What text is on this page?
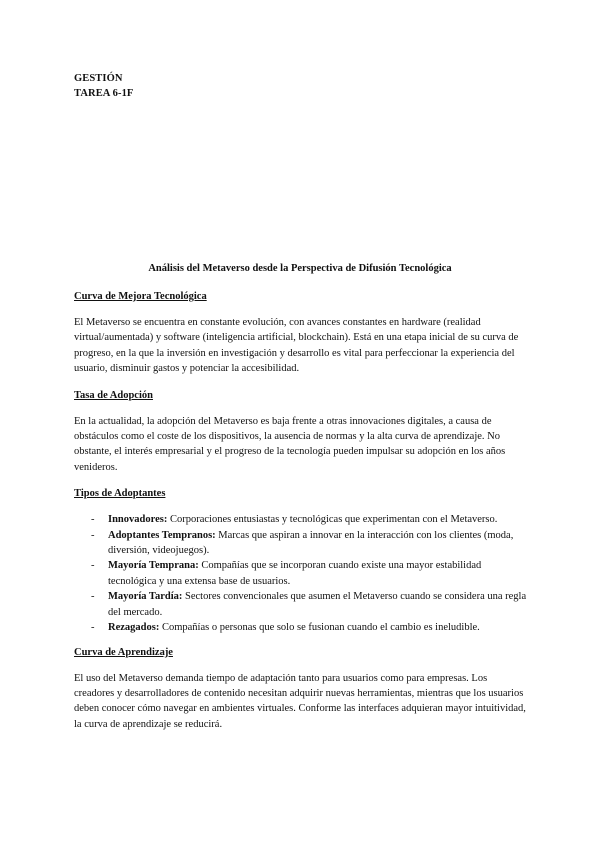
GESTIÓN
TAREA 6-1F
Análisis del Metaverso desde la Perspectiva de Difusión Tecnológica
Curva de Mejora Tecnológica

El Metaverso se encuentra en constante evolución, con avances constantes en hardware (realidad virtual/aumentada) y software (inteligencia artificial, blockchain). Está en una etapa inicial de su curva de progreso, en la que la inversión en investigación y desarrollo es vital para perfeccionar la experiencia del usuario, disminuir gastos y potenciar la accesibilidad.

Tasa de Adopción

En la actualidad, la adopción del Metaverso es baja frente a otras innovaciones digitales, a causa de obstáculos como el coste de los dispositivos, la ausencia de normas y la alta curva de aprendizaje. No obstante, el interés empresarial y el progreso de la tecnología pueden impulsar su adopción en los años venideros.

Tipos de Adoptantes
- Innovadores: Corporaciones entusiastas y tecnológicas que experimentan con el Metaverso.
- Adoptantes Tempranos: Marcas que aspiran a innovar en la interacción con los clientes (moda, diversión, videojuegos).
- Mayoría Temprana: Compañías que se incorporan cuando existe una mayor estabilidad tecnológica y una extensa base de usuarios.
- Mayoría Tardía: Sectores convencionales que asumen el Metaverso cuando se considera una regla del mercado.
- Rezagados: Compañías o personas que solo se fusionan cuando el cambio es ineludible.
Curva de Aprendizaje

El uso del Metaverso demanda tiempo de adaptación tanto para usuarios como para empresas. Los creadores y desarrolladores de contenido necesitan adquirir nuevas herramientas, mientras que los usuarios deben conocer cómo navegar en ambientes virtuales. Conforme las interfaces adquieran mayor intuitividad, la curva de aprendizaje se reducirá.
